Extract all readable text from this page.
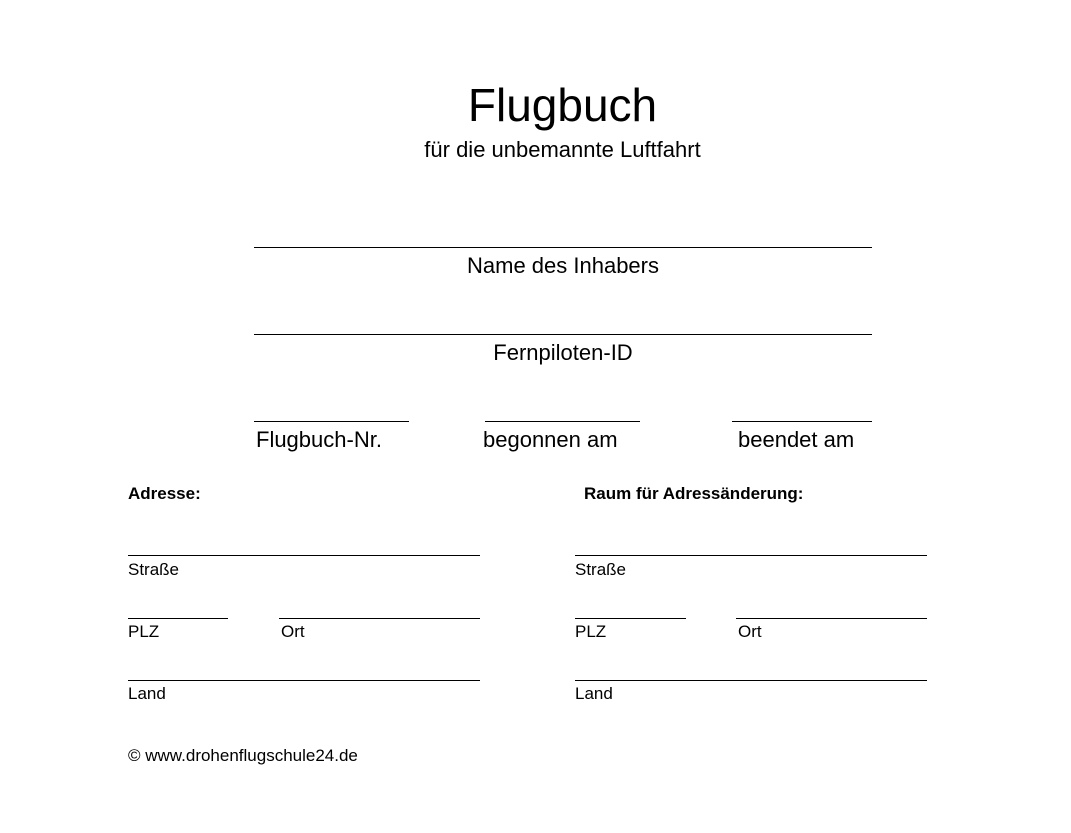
Flugbuch
für die unbemannte Luftfahrt
Name des Inhabers
Fernpiloten-ID
Flugbuch-Nr.	begonnen am	beendet am
Adresse:
Straße
PLZ	Ort
Land
Raum für Adressänderung:
Straße
PLZ	Ort
Land
© www.drohenflugschule24.de
